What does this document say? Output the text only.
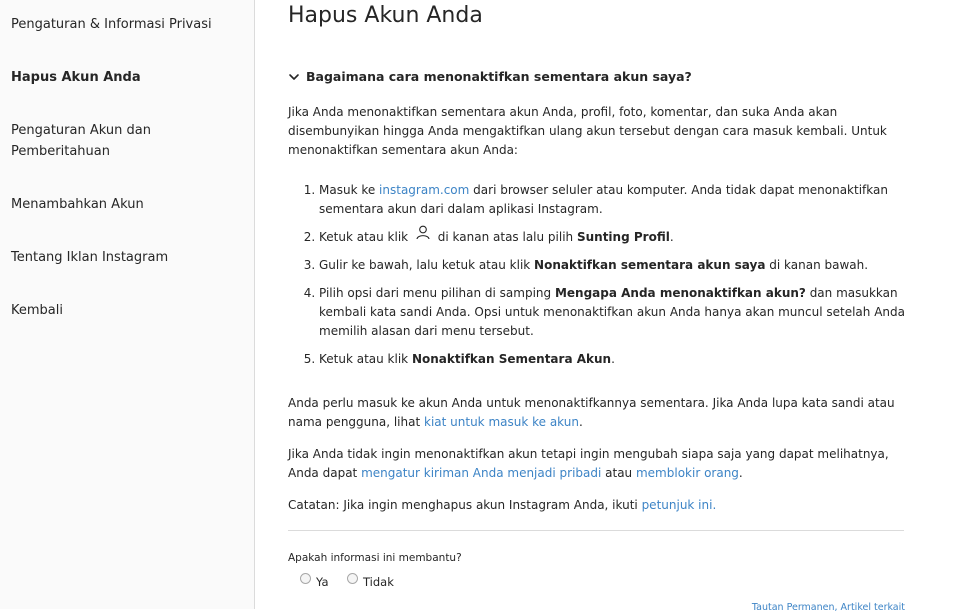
Pengaturan & Informasi Privasi
Hapus Akun Anda
Pengaturan Akun dan Pemberitahuan
Menambahkan Akun
Tentang Iklan Instagram
Kembali
Hapus Akun Anda
Bagaimana cara menonaktifkan sementara akun saya?

Jika Anda menonaktifkan sementara akun Anda, profil, foto, komentar, dan suka Anda akan disembunyikan hingga Anda mengaktifkan ulang akun tersebut dengan cara masuk kembali. Untuk menonaktifkan sementara akun Anda:

1. Masuk ke instagram.com dari browser seluler atau komputer. Anda tidak dapat menonaktifkan sementara akun dari dalam aplikasi Instagram.
2. Ketuk atau klik  di kanan atas lalu pilih Sunting Profil.
3. Gulir ke bawah, lalu ketuk atau klik Nonaktifkan sementara akun saya di kanan bawah.
4. Pilih opsi dari menu pilihan di samping Mengapa Anda menonaktifkan akun? dan masukkan kembali kata sandi Anda. Opsi untuk menonaktifkan akun Anda hanya akan muncul setelah Anda memilih alasan dari menu tersebut.
5. Ketuk atau klik Nonaktifkan Sementara Akun.

Anda perlu masuk ke akun Anda untuk menonaktifkannya sementara. Jika Anda lupa kata sandi atau nama pengguna, lihat kiat untuk masuk ke akun.

Jika Anda tidak ingin menonaktifkan akun tetapi ingin mengubah siapa saja yang dapat melihatnya, Anda dapat mengatur kiriman Anda menjadi pribadi atau memblokir orang.

Catatan: Jika ingin menghapus akun Instagram Anda, ikuti petunjuk ini.

Apakah informasi ini membantu?
Ya	Tidak
Tautan Permanen, Artikel terkait
